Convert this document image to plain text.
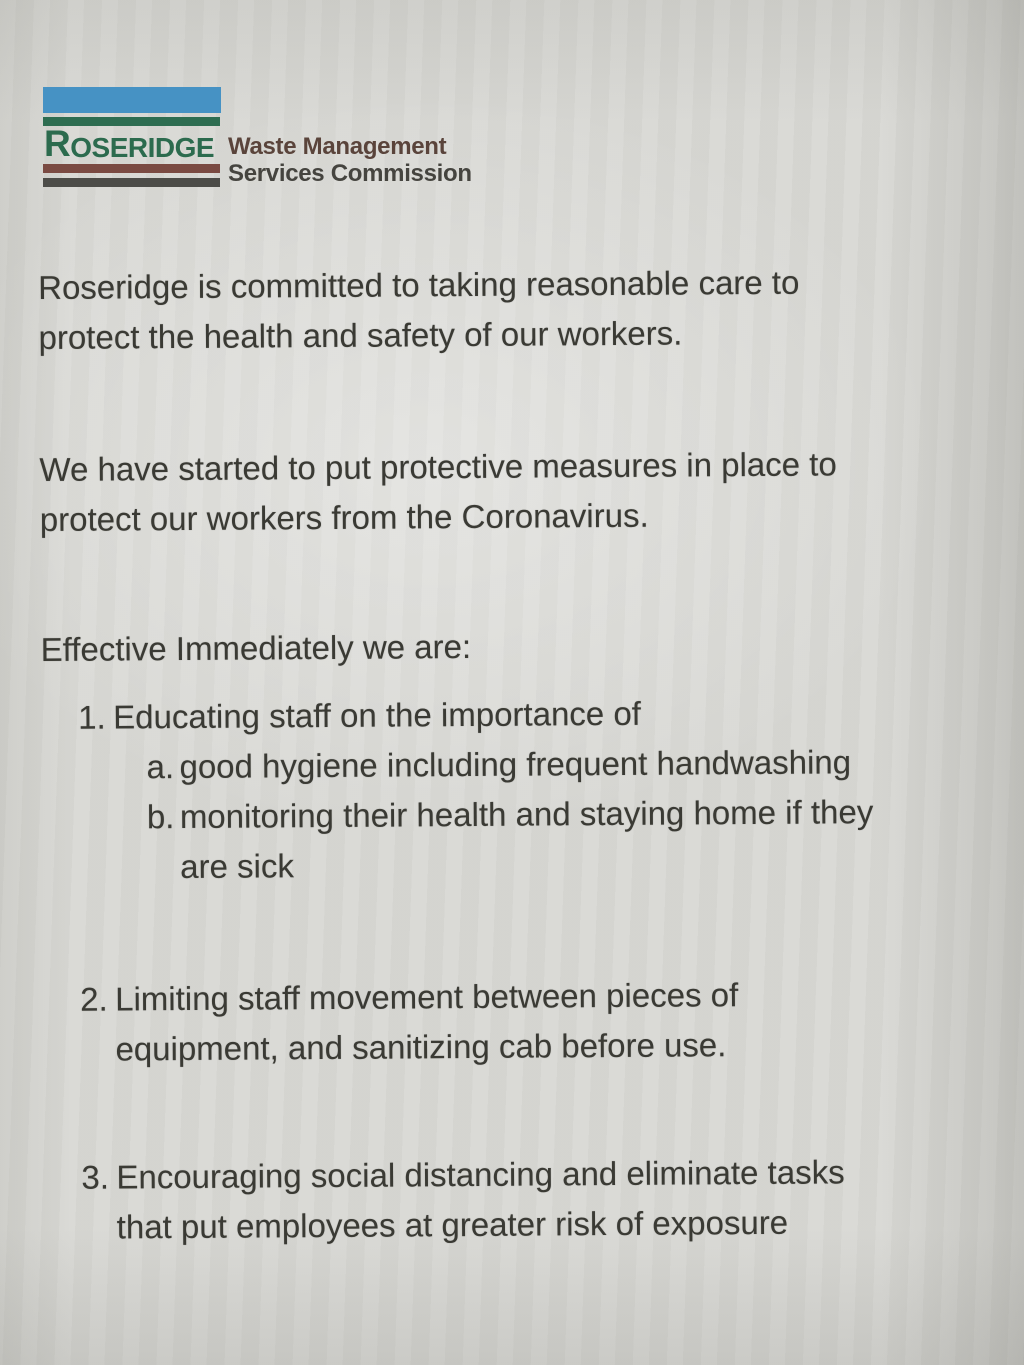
R OSERIDGE Waste Management
Services Commission
Roseridge is committed to taking reasonable care to
protect the health and safety of our workers.
We have started to put protective measures in place to
protect our workers from the Coronavirus.
Effective Immediately we are:
1. Educating staff on the importance of
a. good hygiene including frequent handwashing
b. monitoring their health and staying home if they
are sick
2. Limiting staff movement between pieces of
equipment, and sanitizing cab before use.
3. Encouraging social distancing and eliminate tasks
that put employees at greater risk of exposure
